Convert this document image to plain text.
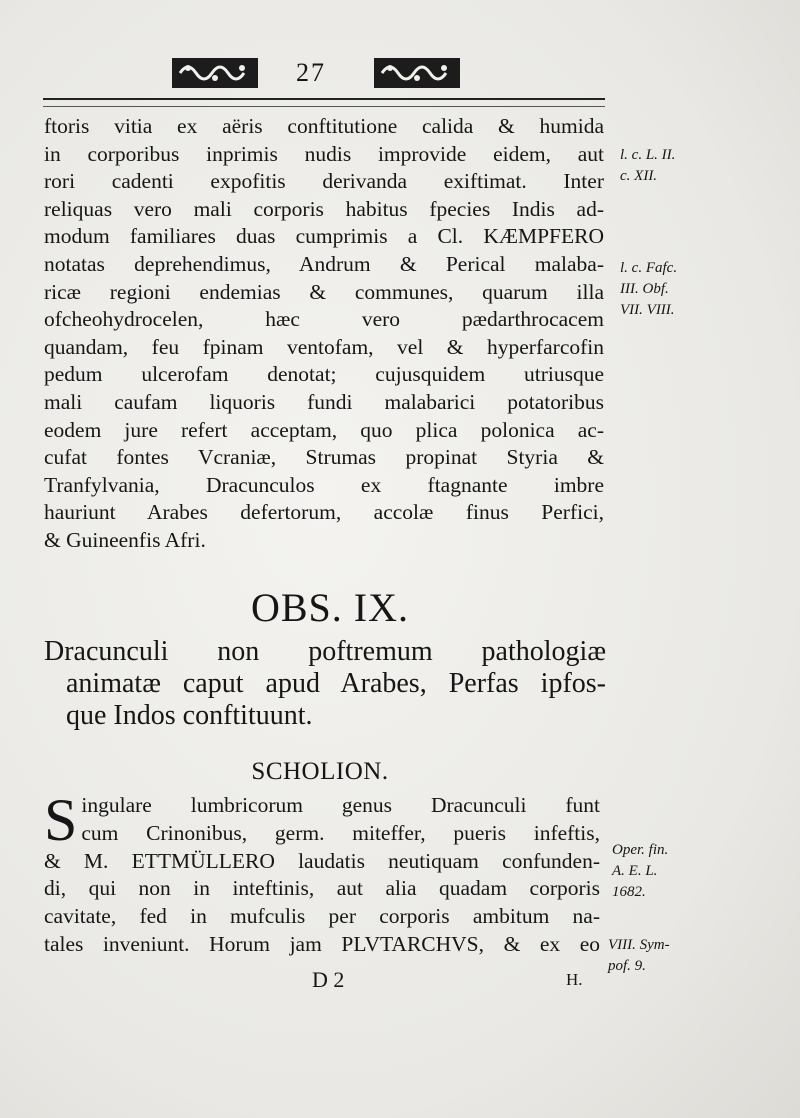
27
ftoris vitia ex aëris conftitutione calida & humida
in corporibus inprimis nudis improvide eidem, aut
rori cadenti expofitis derivanda exiftimat. Inter
reliquas vero mali corporis habitus fpecies Indis ad-
modum familiares duas cumprimis a Cl. KÆMPFERO
notatas deprehendimus, Andrum & Perical malaba-
ricæ regioni endemias & communes, quarum illa
ofcheohydrocelen, hæc vero pædarthrocacem
quandam, feu fpinam ventofam, vel & hyperfarcofin
pedum ulcerofam denotat; cujusquidem utriusque
mali caufam liquoris fundi malabarici potatoribus
eodem jure refert acceptam, quo plica polonica ac-
cufat fontes Vcraniæ, Strumas propinat Styria &
Tranfylvania, Dracunculos ex ftagnante imbre
hauriunt Arabes defertorum, accolæ finus Perfici,
& Guineenfis Afri.
l. c. L. II.
c. XII.
l. c. Fafc.
III. Obf.
VII. VIII.
OBS. IX.
Dracunculi non poftremum pathologiæ
animatæ caput apud Arabes, Perfas ipfos-
que Indos conftituunt.
SCHOLION.
S ingulare lumbricorum genus Dracunculi funt
cum Crinonibus, germ. miteffer, pueris infeftis,
& M. ETTMÜLLERO laudatis neutiquam confunden-
di, qui non in inteftinis, aut alia quadam corporis
cavitate, fed in mufculis per corporis ambitum na-
tales inveniunt. Horum jam PLVTARCHVS, & ex eo
Oper. fin.
A. E. L.
1682.
VIII. Sym-
pof. 9.
D 2	H.
